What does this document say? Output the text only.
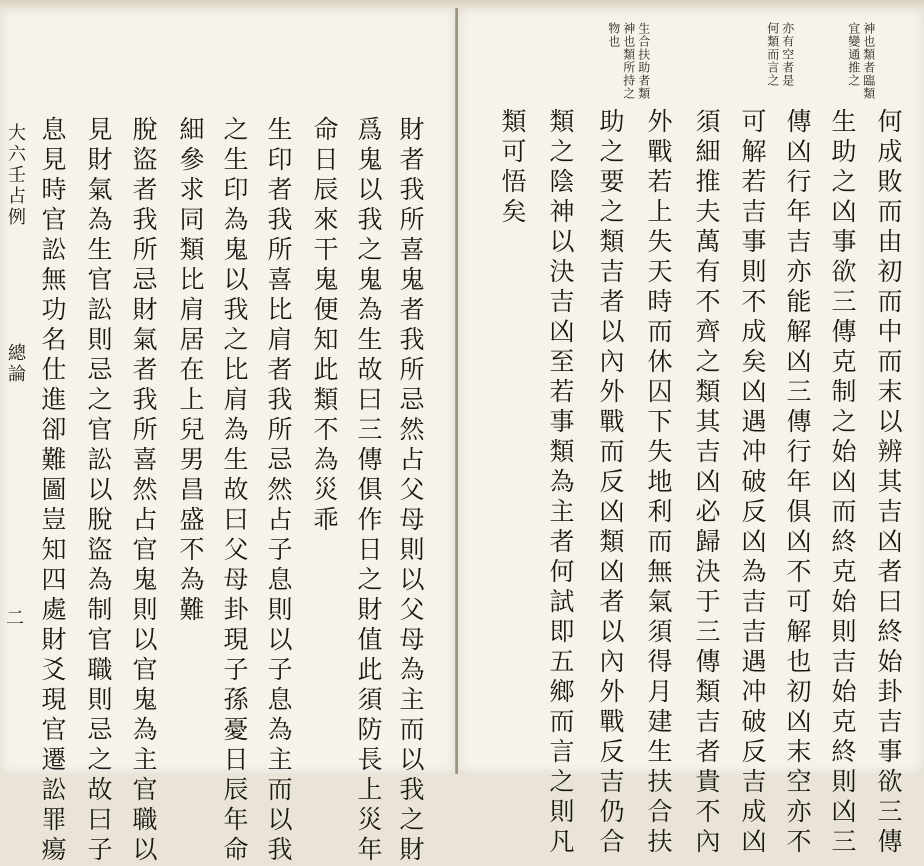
財者我所喜鬼者我所忌然占父母則以父母為主而以我之財
爲鬼以我之鬼為生故曰三傳俱作日之財值此須防長上災年
命日辰來干鬼便知此類不為災乖
生印者我所喜比肩者我所忌然占子息則以子息為主而以我
之生印為鬼以我之比肩為生故曰父母卦現子孫憂日辰年命
細參求同類比肩居在上兒男昌盛不為難
脫盜者我所忌財氣者我所喜然占官鬼則以官鬼為主官職以
見財氣為生官訟則忌之官訟以脫盜為制官職則忌之故曰子
息見時官訟無功名仕進卻難圖豈知四處財爻現官遷訟罪瘍
大六壬占例
總論
二
神也類者臨類
宜變通推之
亦有空者是
何類而言之
生合扶助者類
神也類所持之
物也
何成敗而由初而中而末以辨其吉凶者曰終始卦吉事欲三傳
生助之凶事欲三傳克制之始凶而終克始則吉始克終則凶三
傳凶行年吉亦能解凶三傳行年俱凶不可解也初凶末空亦不
可解若吉事則不成矣凶遇冲破反凶為吉吉遇冲破反吉成凶
須細推夫萬有不齊之類其吉凶必歸決于三傳類吉者貴不內
外戰若上失天時而休囚下失地利而無氣須得月建生扶合扶
助之要之類吉者以內外戰而反凶類凶者以內外戰反吉仍合
類之陰神以決吉凶至若事類為主者何試即五鄉而言之則凡
類可悟矣
